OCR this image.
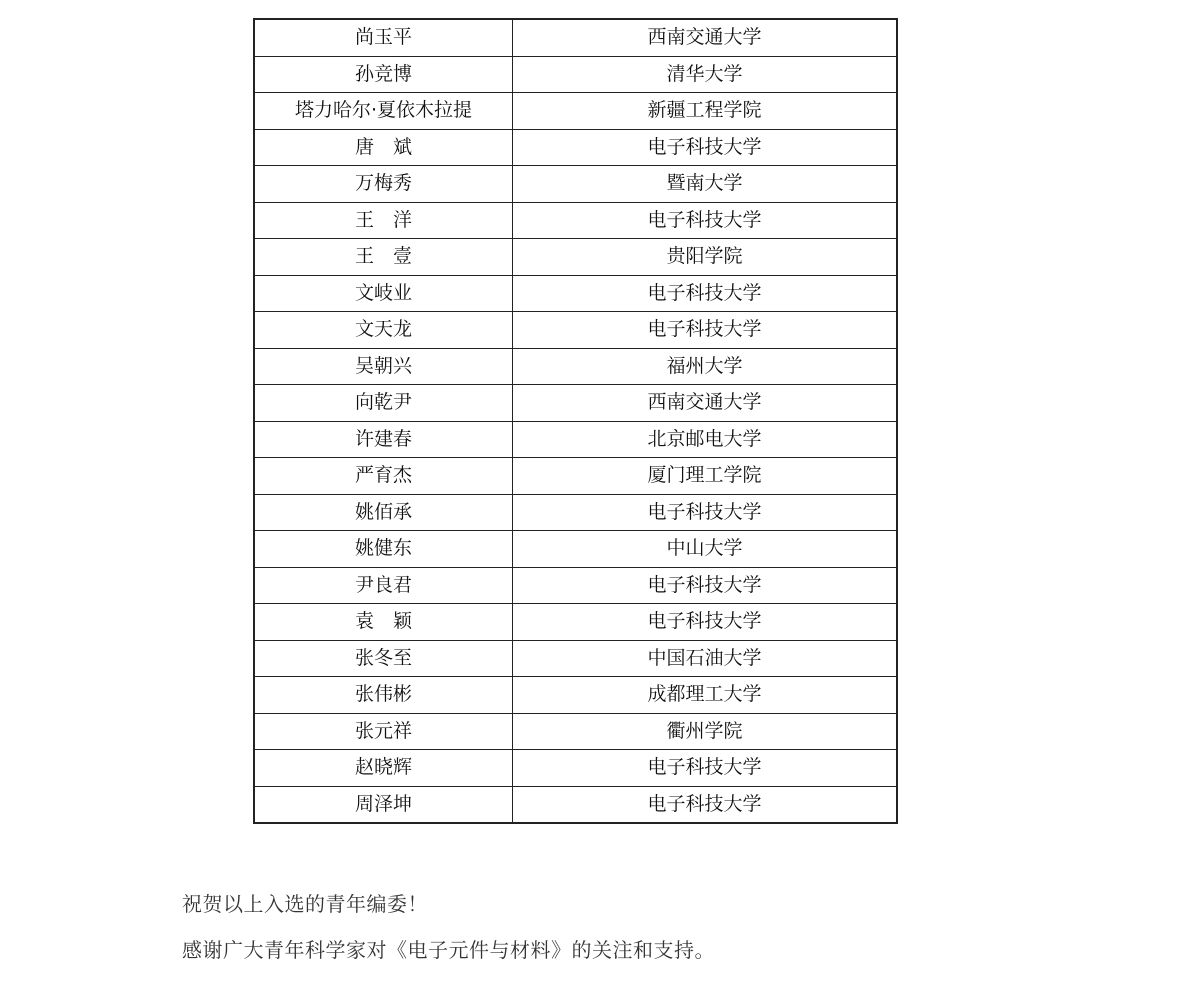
尚玉平	西南交通大学
孙竞博	清华大学
塔力哈尔·夏依木拉提	新疆工程学院
唐　斌	电子科技大学
万梅秀	暨南大学
王　洋	电子科技大学
王　壹	贵阳学院
文岐业	电子科技大学
文天龙	电子科技大学
吴朝兴	福州大学
向乾尹	西南交通大学
许建春	北京邮电大学
严育杰	厦门理工学院
姚佰承	电子科技大学
姚健东	中山大学
尹良君	电子科技大学
袁　颖	电子科技大学
张冬至	中国石油大学
张伟彬	成都理工大学
张元祥	衢州学院
赵晓辉	电子科技大学
周泽坤	电子科技大学
祝贺以上入选的青年编委！
感谢广大青年科学家对《电子元件与材料》的关注和支持。
